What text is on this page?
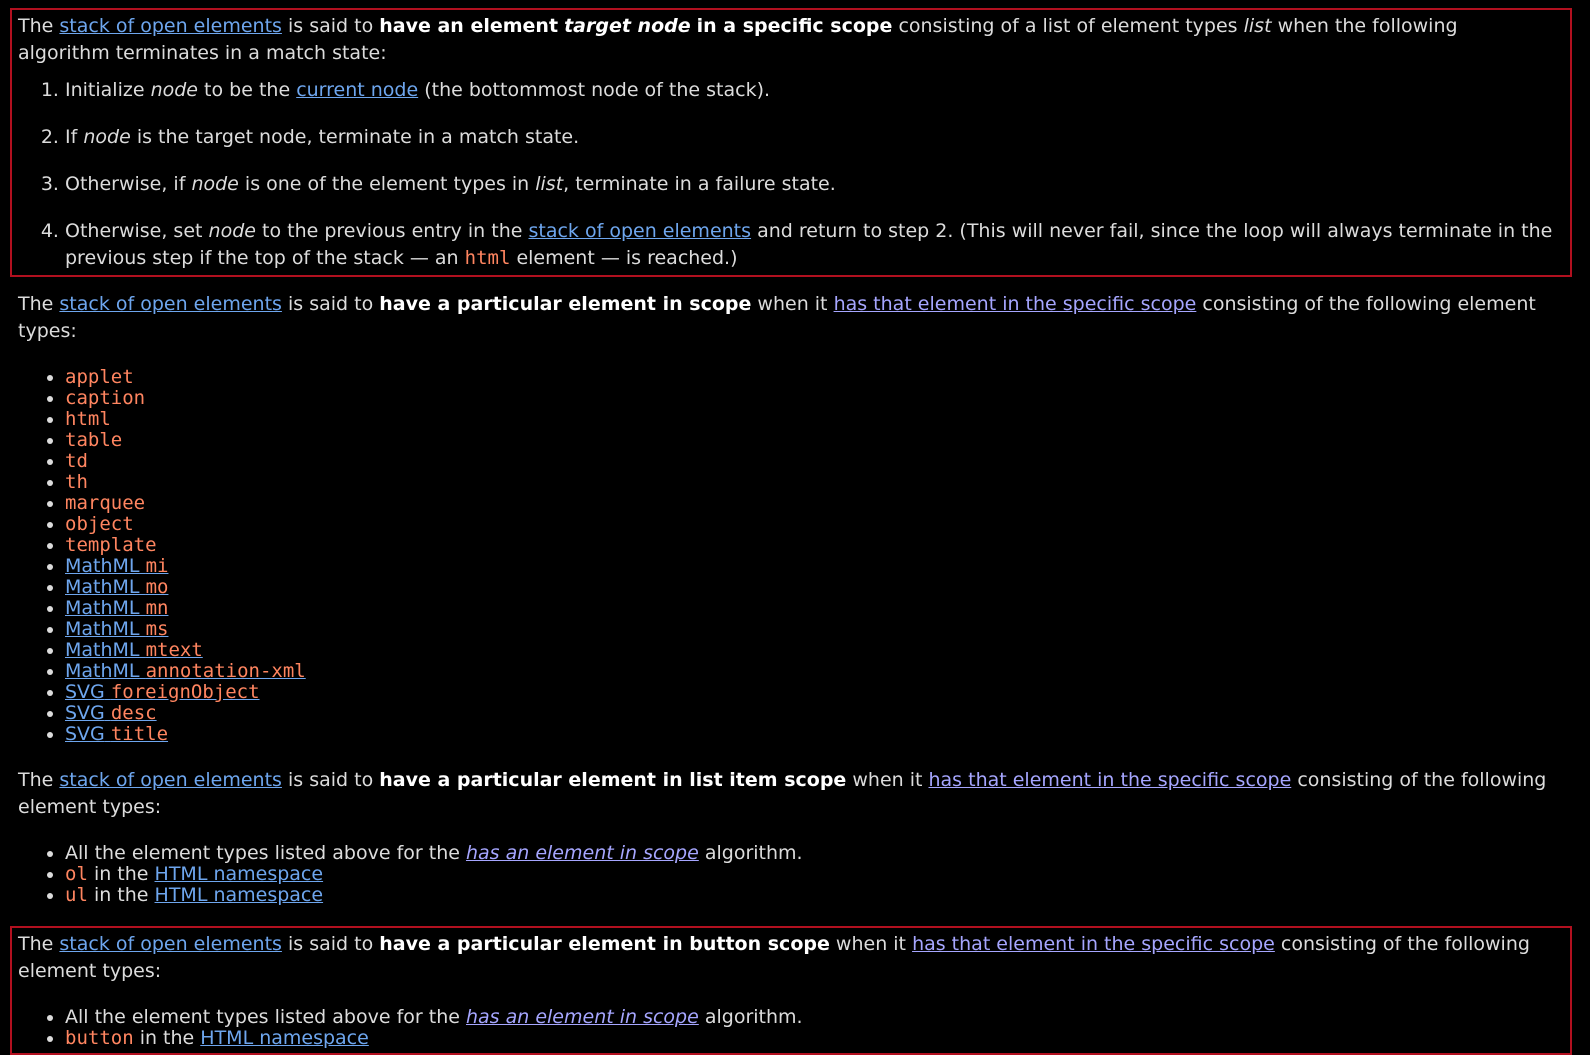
The stack of open elements is said to have an element target node in a specific scope consisting of a list of element types list when the following algorithm terminates in a match state:

1. Initialize node to be the current node (the bottommost node of the stack).
2. If node is the target node, terminate in a match state.
3. Otherwise, if node is one of the element types in list, terminate in a failure state.
4. Otherwise, set node to the previous entry in the stack of open elements and return to step 2. (This will never fail, since the loop will always terminate in the previous step if the top of the stack — an html element — is reached.)

The stack of open elements is said to have a particular element in scope when it has that element in the specific scope consisting of the following element types:

• applet
• caption
• html
• table
• td
• th
• marquee
• object
• template
• MathML mi
• MathML mo
• MathML mn
• MathML ms
• MathML mtext
• MathML annotation-xml
• SVG foreignObject
• SVG desc
• SVG title

The stack of open elements is said to have a particular element in list item scope when it has that element in the specific scope consisting of the following element types:

• All the element types listed above for the has an element in scope algorithm.
• ol in the HTML namespace
• ul in the HTML namespace

The stack of open elements is said to have a particular element in button scope when it has that element in the specific scope consisting of the following element types:

• All the element types listed above for the has an element in scope algorithm.
• button in the HTML namespace
